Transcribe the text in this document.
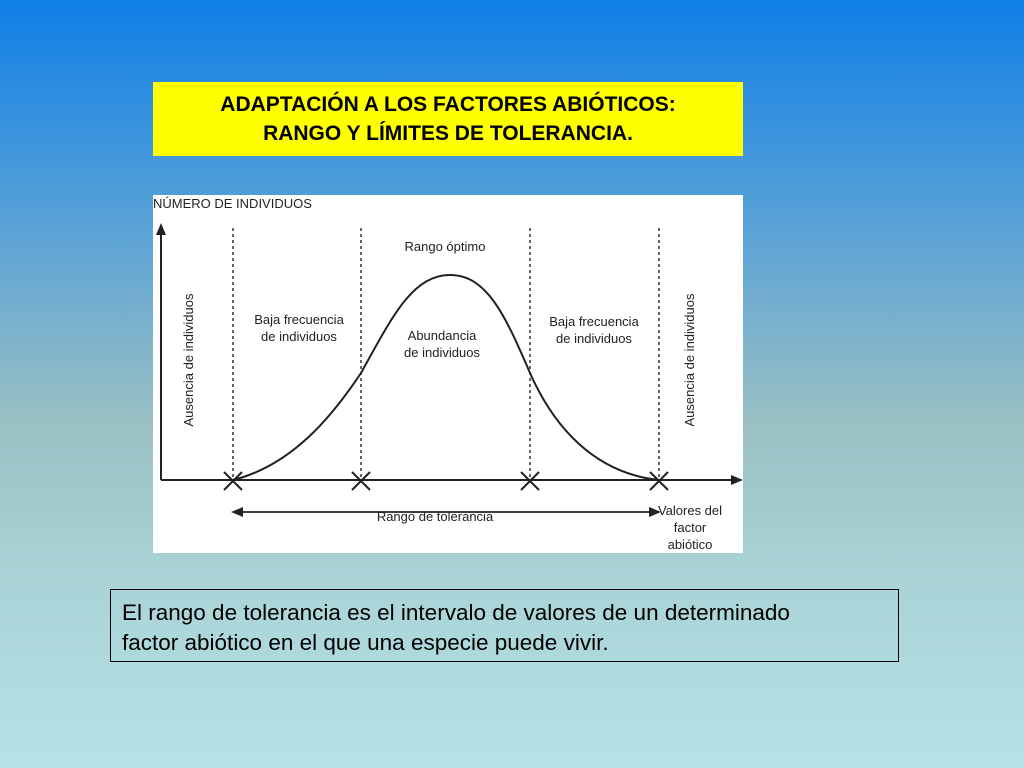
ADAPTACIÓN A LOS FACTORES ABIÓTICOS:
RANGO Y LÍMITES DE TOLERANCIA.
NÚMERO DE INDIVIDUOS
Rango óptimo
Ausencia de individuos	Ausencia de individuos
Baja frecuencia
de individuos	Abundancia
de individuos
Baja frecuencia
de individuos
Rango de tolerancia	Valores del
factor
abiótico
El rango de tolerancia es el intervalo de valores de un determinado
factor abiótico en el que una especie puede vivir.
